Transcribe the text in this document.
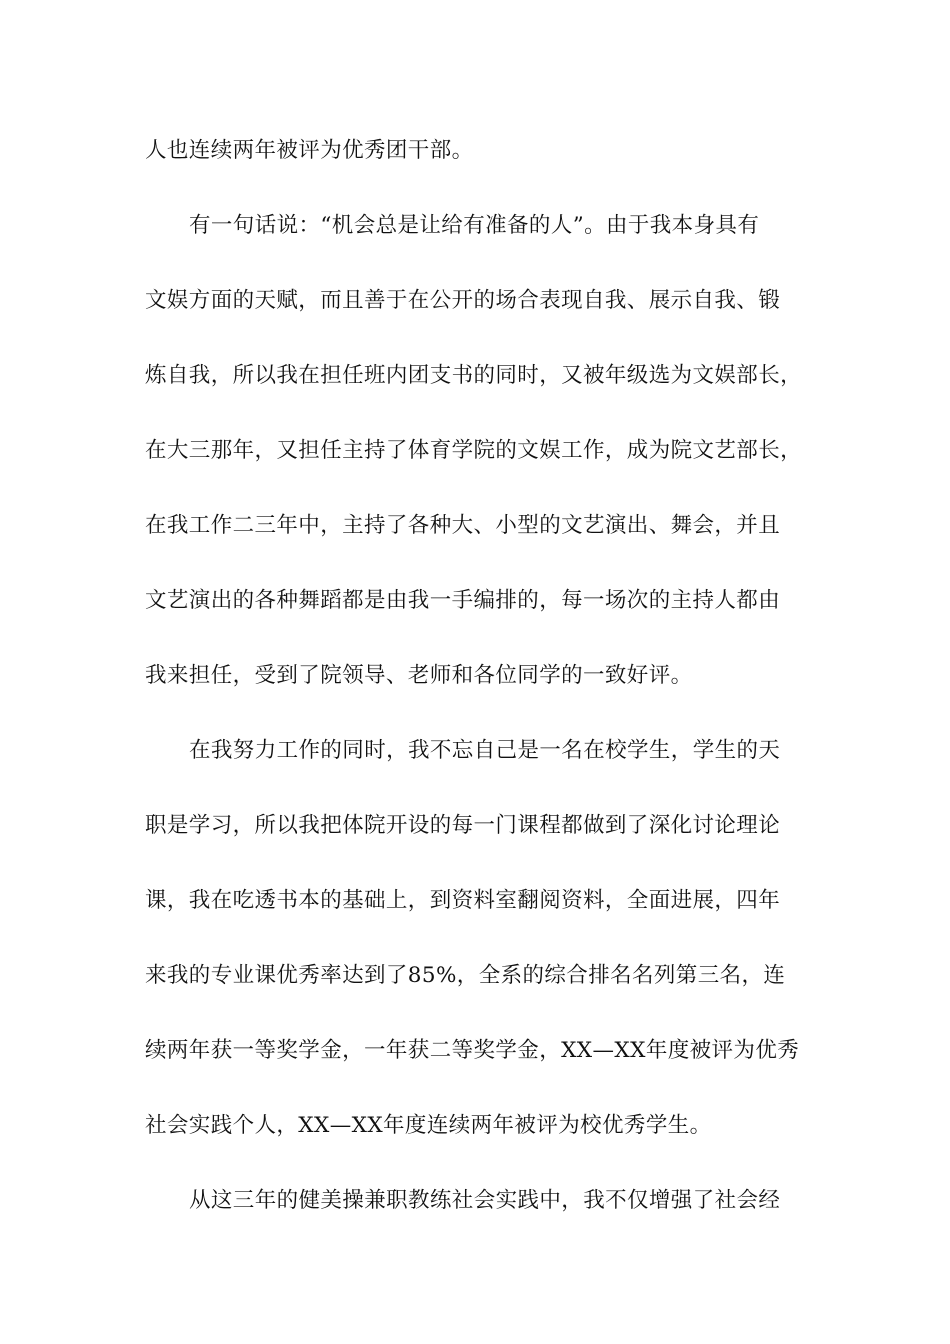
人也连续两年被评为优秀团干部。
有一句话说：“机会总是让给有准备的人”。由于我本身具有
文娱方面的天赋，而且善于在公开的场合表现自我、展示自我、锻
炼自我，所以我在担任班内团支书的同时，又被年级选为文娱部长，
在大三那年，又担任主持了体育学院的文娱工作，成为院文艺部长，
在我工作二三年中，主持了各种大、小型的文艺演出、舞会，并且
文艺演出的各种舞蹈都是由我一手编排的，每一场次的主持人都由
我来担任，受到了院领导、老师和各位同学的一致好评。
在我努力工作的同时，我不忘自己是一名在校学生，学生的天
职是学习，所以我把体院开设的每一门课程都做到了深化讨论理论
课，我在吃透书本的基础上，到资料室翻阅资料，全面进展，四年
来我的专业课优秀率达到了85%，全系的综合排名名列第三名，连
续两年获一等奖学金，一年获二等奖学金，XX—XX年度被评为优秀
社会实践个人，XX—XX年度连续两年被评为校优秀学生。
从这三年的健美操兼职教练社会实践中，我不仅增强了社会经
